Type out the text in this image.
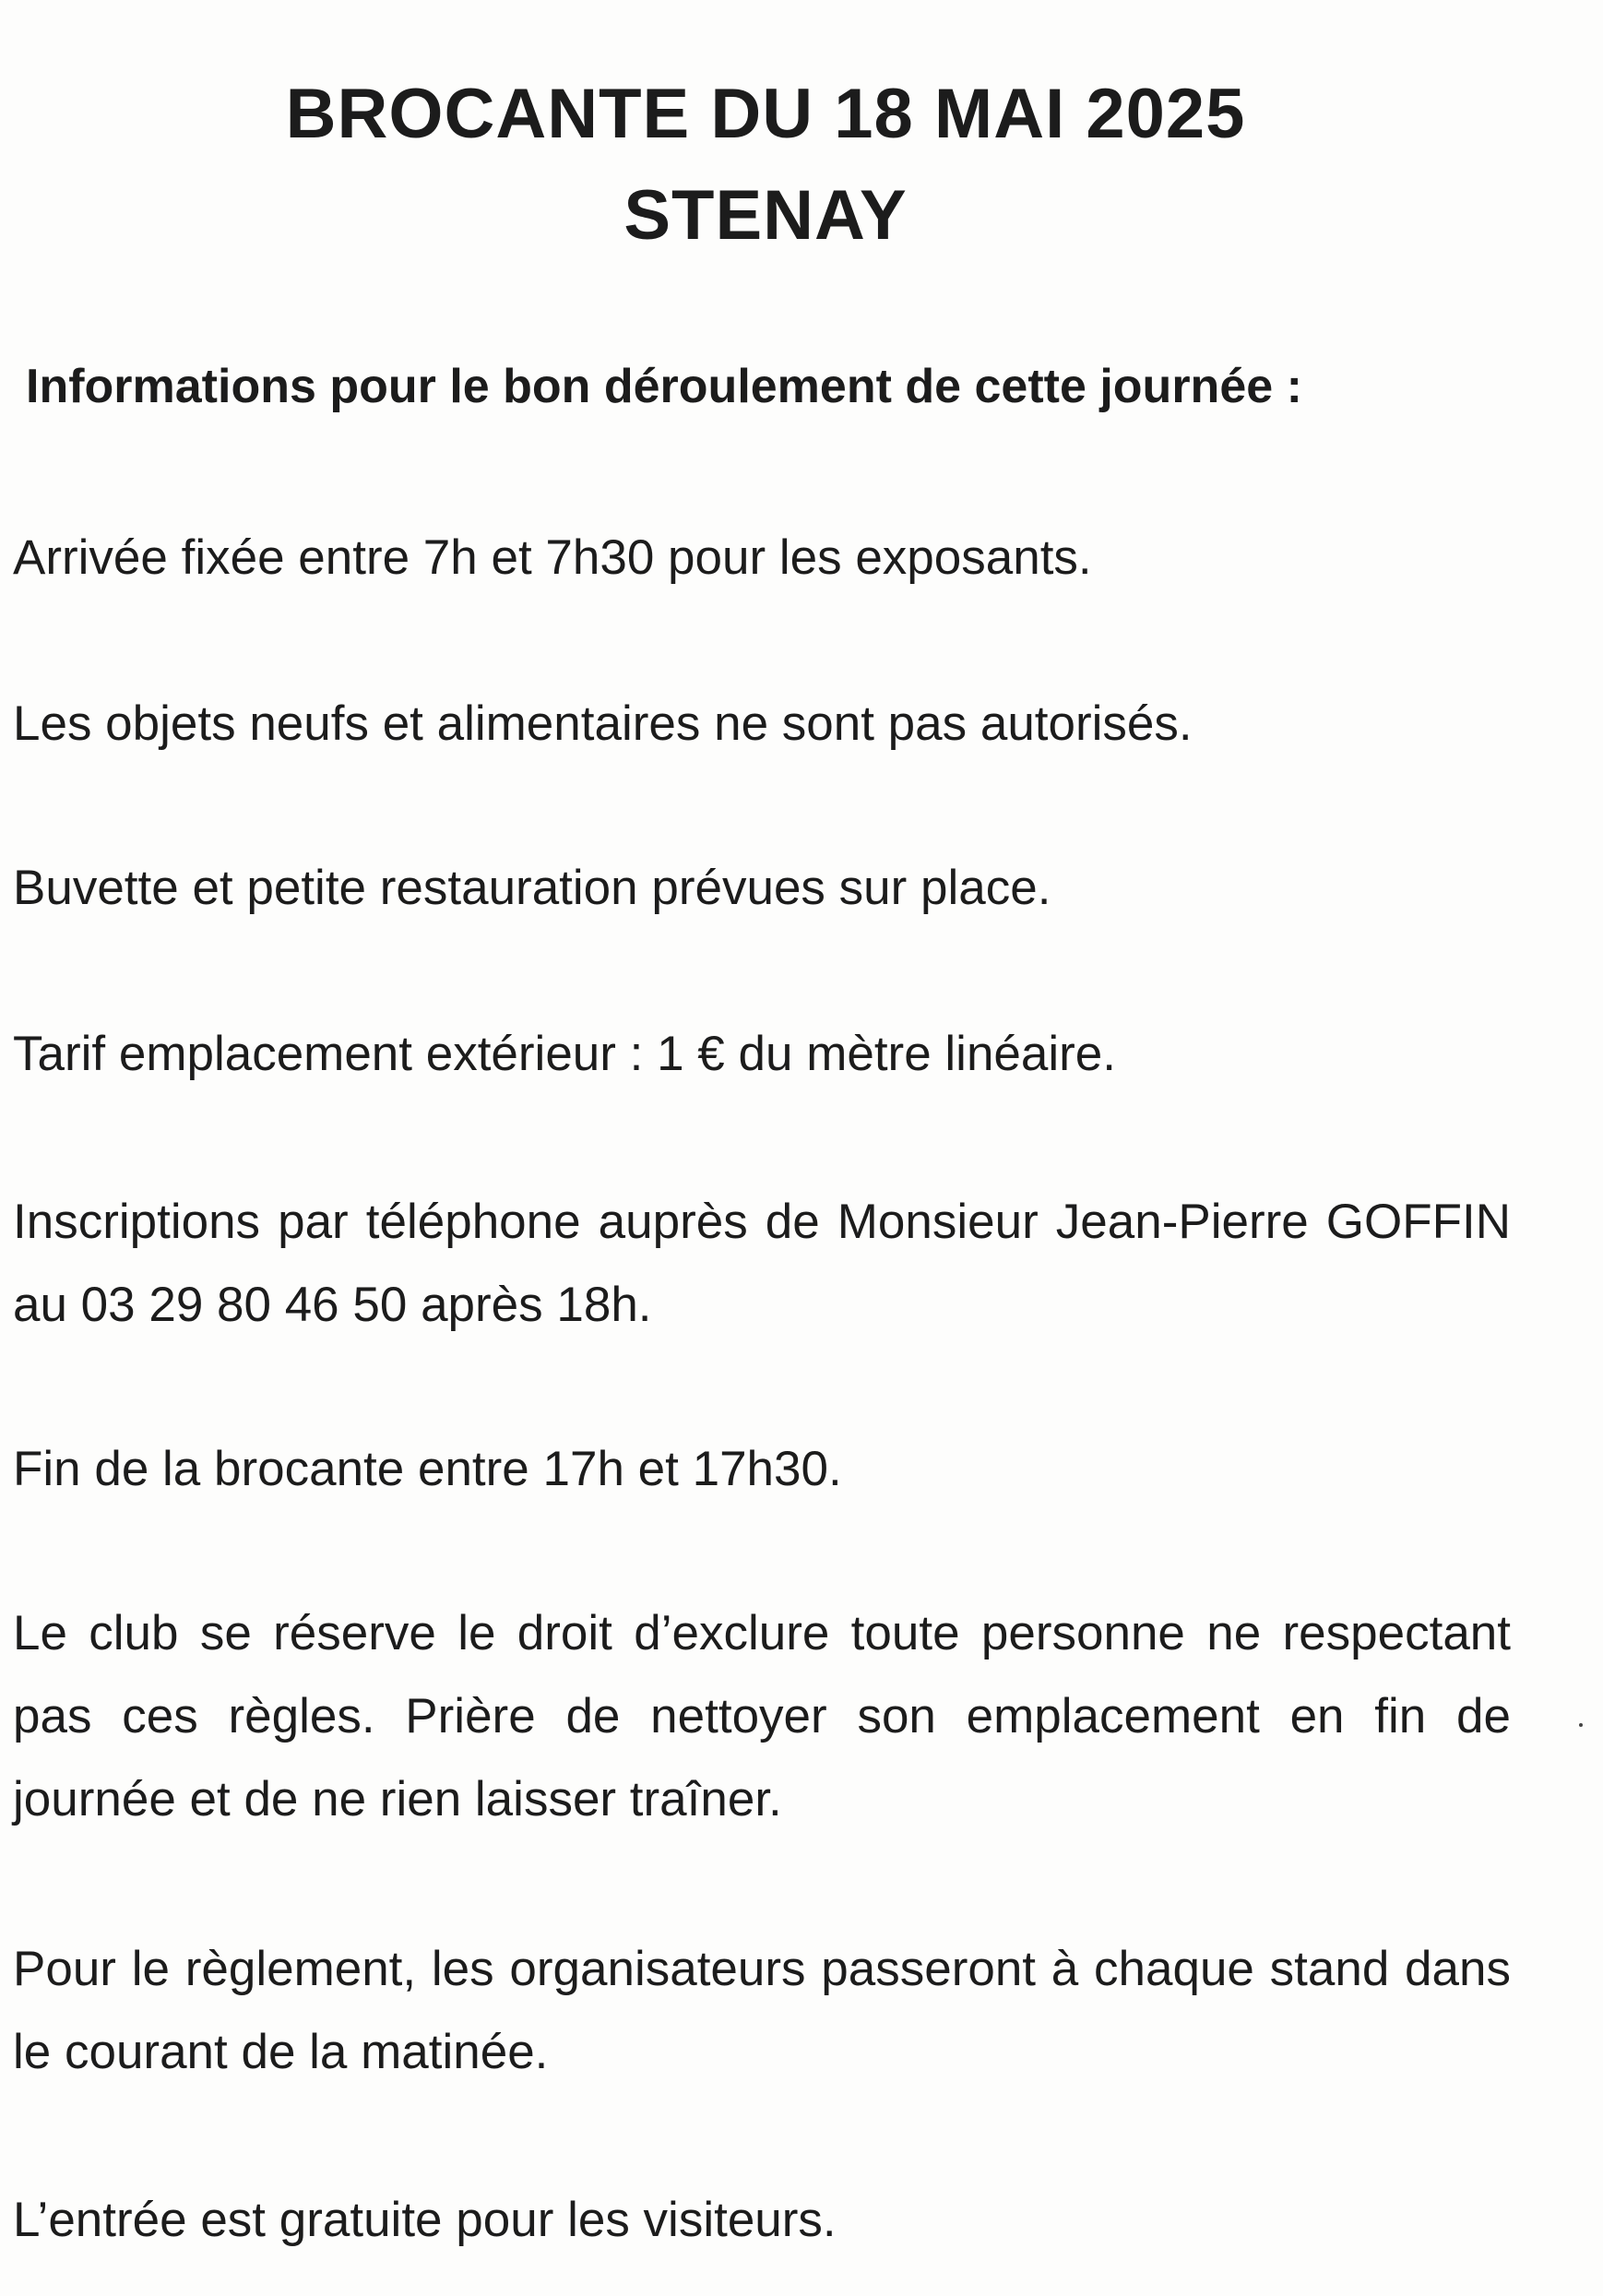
BROCANTE DU 18 MAI 2025
STENAY

Informations pour le bon déroulement de cette journée :

Arrivée fixée entre 7h et 7h30 pour les exposants.

Les objets neufs et alimentaires ne sont pas autorisés.

Buvette et petite restauration prévues sur place.

Tarif emplacement extérieur : 1 € du mètre linéaire.

Inscriptions par téléphone auprès de Monsieur Jean-Pierre GOFFIN au 03 29 80 46 50 après 18h.

Fin de la brocante entre 17h et 17h30.

Le club se réserve le droit d’exclure toute personne ne respectant pas ces règles. Prière de nettoyer son emplacement en fin de journée et de ne rien laisser traîner.

Pour le règlement, les organisateurs passeront à chaque stand dans le courant de la matinée.

L’entrée est gratuite pour les visiteurs.
